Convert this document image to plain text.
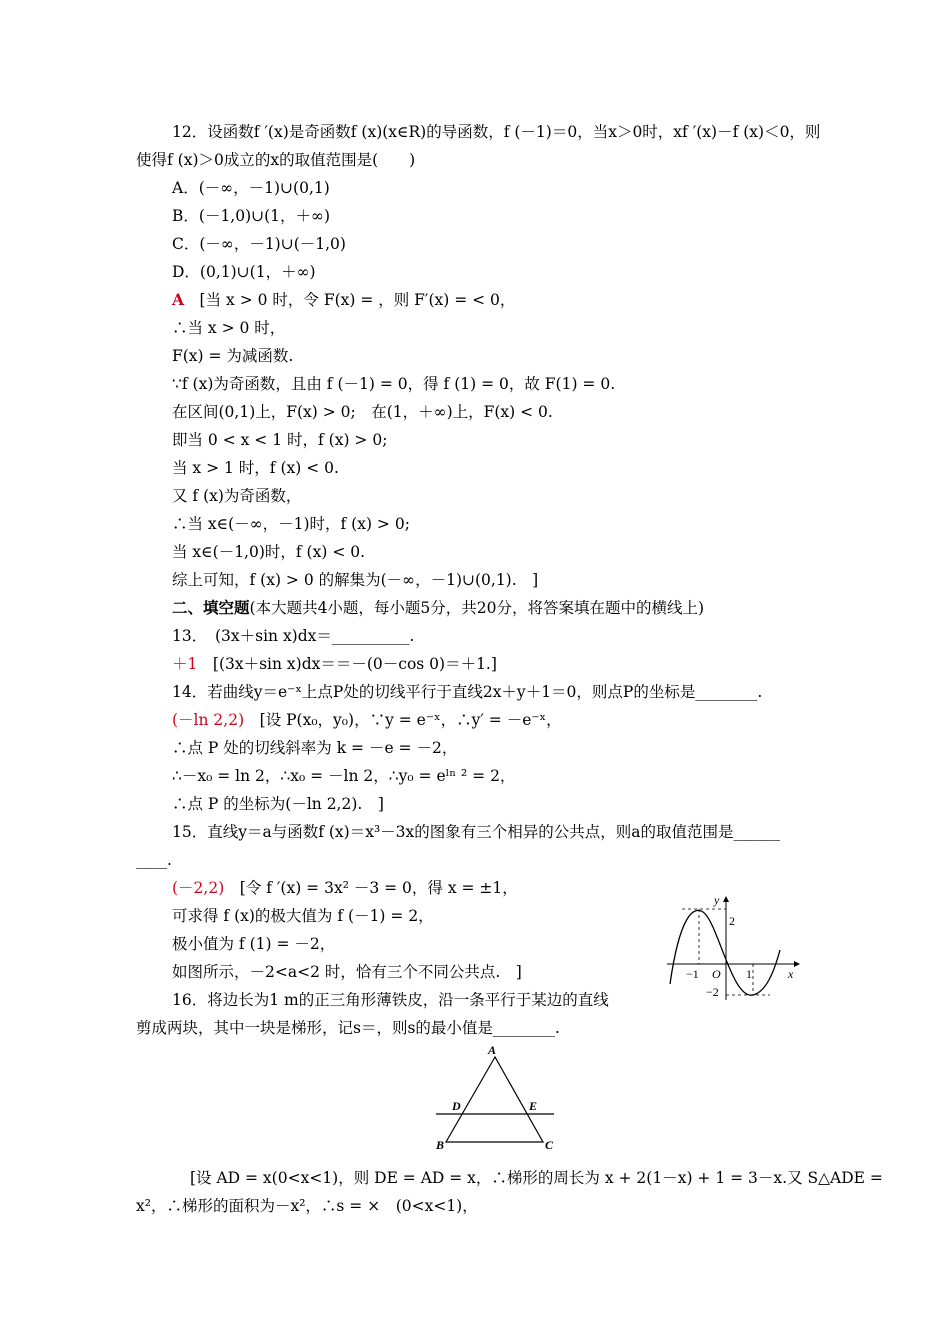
12．设函数f ′(x)是奇函数f (x)(x∈R)的导函数，f (－1)＝0，当x＞0时，xf ′(x)－f (x)＜0，则
使得f (x)＞0成立的x的取值范围是(　　)
A．(－∞，－1)∪(0,1)
B．(－1,0)∪(1，＋∞)
C．(－∞，－1)∪(－1,0)
D．(0,1)∪(1，＋∞)
A　 [当 x > 0 时，令 F(x) = ，则 F′(x) = < 0，
∴当 x > 0 时，
F(x) = 为减函数.
∵f (x)为奇函数，且由 f (－1) = 0，得 f (1) = 0，故 F(1) = 0.
在区间(0,1)上，F(x) > 0;　在(1，＋∞)上，F(x) < 0.
即当 0 < x < 1 时，f (x) > 0;
当 x > 1 时，f (x) < 0.
又 f (x)为奇函数，
∴当 x∈(－∞，－1)时，f (x) > 0;
当 x∈(－1,0)时，f (x) < 0.
综上可知，f (x) > 0 的解集为(－∞，－1)∪(0,1).　]
二、填空题(本大题共4小题，每小题5分，共20分，将答案填在题中的横线上)
13．　(3x＋sin x)dx＝__________.
＋1　 [(3x＋sin x)dx＝＝－(0－cos 0)＝＋1.]
14．若曲线y＝e⁻ˣ上点P处的切线平行于直线2x＋y＋1＝0，则点P的坐标是________.
(－ln 2,2)　 [设 P(x₀，y₀)，∵y = e⁻ˣ，∴y′ = －e⁻ˣ，
∴点 P 处的切线斜率为 k = －e = －2，
∴－x₀ = ln 2，∴x₀ = －ln 2，∴y₀ = eˡⁿ ² = 2，
∴点 P 的坐标为(－ln 2,2).　]
15．直线y＝a与函数f (x)＝x³－3x的图象有三个相异的公共点，则a的取值范围是______
____.
(－2,2)　 [令 f ′(x) = 3x² －3 = 0，得 x = ±1，
可求得 f (x)的极大值为 f (－1) = 2，
极小值为 f (1) = －2，
如图所示，－2<a<2 时，恰有三个不同公共点.　]
16．将边长为1 m的正三角形薄铁皮，沿一条平行于某边的直线
剪成两块，其中一块是梯形，记s＝，则s的最小值是________.
[设 AD = x(0<x<1)，则 DE = AD = x，∴梯形的周长为 x + 2(1－x) + 1 = 3－x.又 S△ADE =
x²，∴梯形的面积为－x²，∴s = ×　(0<x<1)，
y
x
O
2
−2
−1	1
A
B	C
D	E
